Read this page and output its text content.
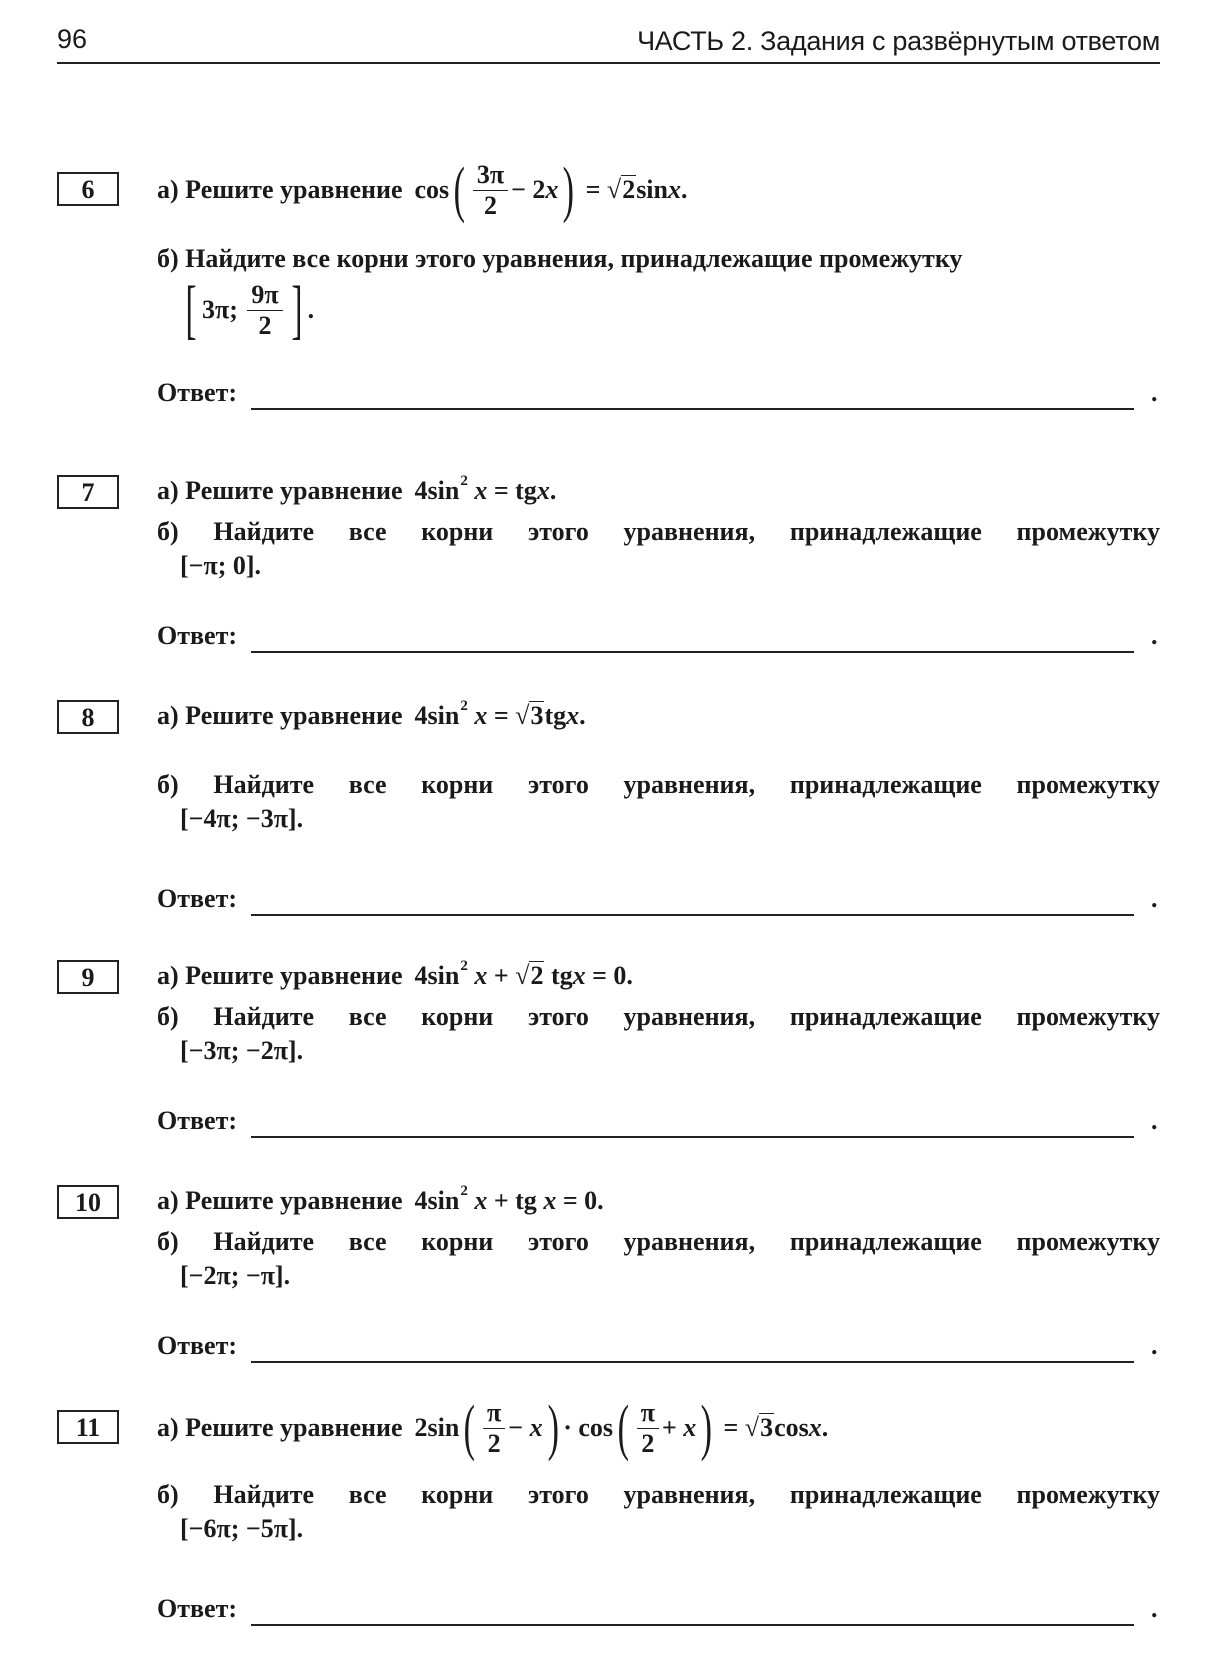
96	ЧАСТЬ 2. Задания с развёрнутым ответом
6	а) Решите уравнение cos ( $\frac{3\pi}{2} - 2$ x ) = √ 2 sin x .
б) Найдите все корни этого уравнения, принадлежащие промежутку
[ 3π; $\frac{9\pi}{2}$ ] .
Ответ:	.
7	а) Решите уравнение 4sin 2
x = tg x .
б) Найдите все корни этого уравнения, принадлежащие промежутку
[−π; 0].
Ответ:	.
8	а) Решите уравнение 4sin 2
x = √ 3 tg x .
б) Найдите все корни этого уравнения, принадлежащие промежутку
[−4π; −3π].
Ответ:	.
9	а) Решите уравнение 4sin 2
x + √ 2 tg x = 0.
б) Найдите все корни этого уравнения, принадлежащие промежутку
[−3π; −2π].
Ответ:	.
10	а) Решите уравнение 4sin 2
x + tg x = 0.
б) Найдите все корни этого уравнения, принадлежащие промежутку
[−2π; −π].
Ответ:	.
11	а) Решите уравнение 2sin ( $\frac{\pi}{2} - x$ ) · cos ( $\frac{\pi}{2} + x$ ) = √ 3 cos x .
б) Найдите все корни этого уравнения, принадлежащие промежутку
[−6π; −5π].
Ответ:	.
